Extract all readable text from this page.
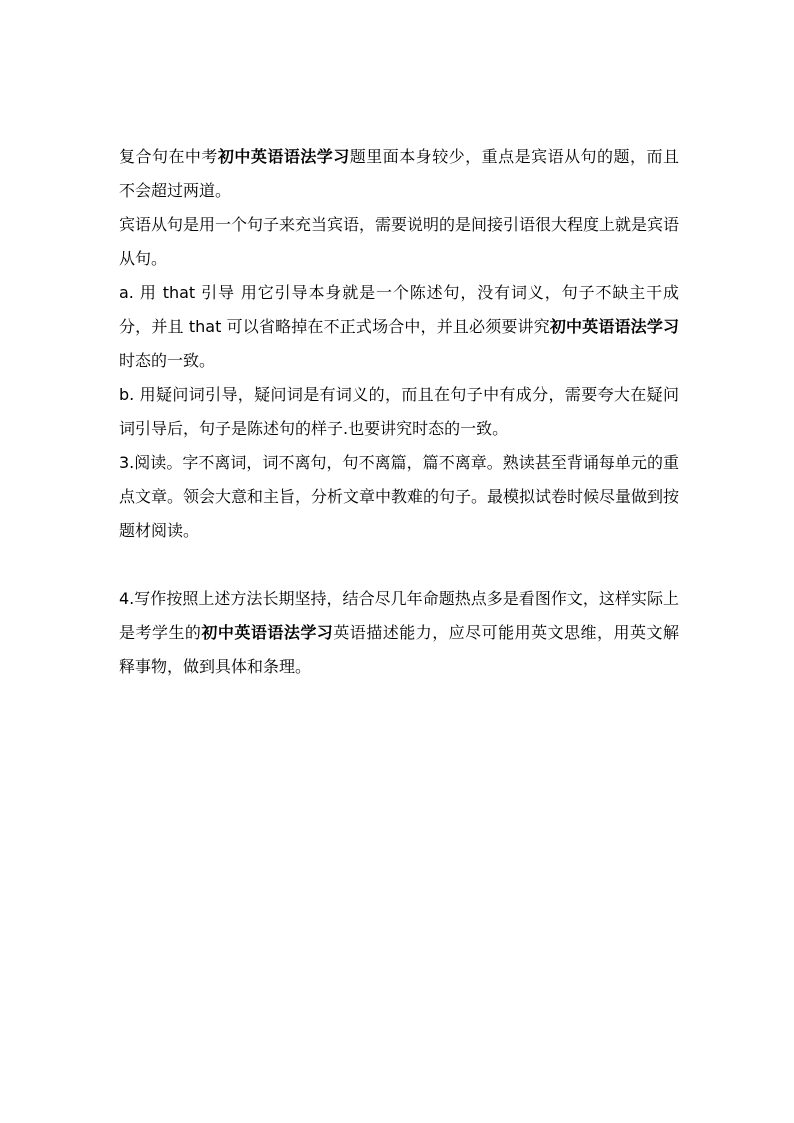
复合句在中考初中英语语法学习题里面本身较少，重点是宾语从句的题，而且不会超过两道。

宾语从句是用一个句子来充当宾语，需要说明的是间接引语很大程度上就是宾语从句。

a. 用 that 引导 用它引导本身就是一个陈述句，没有词义，句子不缺主干成分，并且 that 可以省略掉在不正式场合中，并且必须要讲究初中英语语法学习时态的一致。

b. 用疑问词引导，疑问词是有词义的，而且在句子中有成分，需要夸大在疑问词引导后，句子是陈述句的样子.也要讲究时态的一致。

3.阅读。字不离词，词不离句，句不离篇，篇不离章。熟读甚至背诵每单元的重点文章。领会大意和主旨，分析文章中教难的句子。最模拟试卷时候尽量做到按题材阅读。

4.写作按照上述方法长期坚持，结合尽几年命题热点多是看图作文，这样实际上是考学生的初中英语语法学习英语描述能力，应尽可能用英文思维，用英文解释事物，做到具体和条理。
